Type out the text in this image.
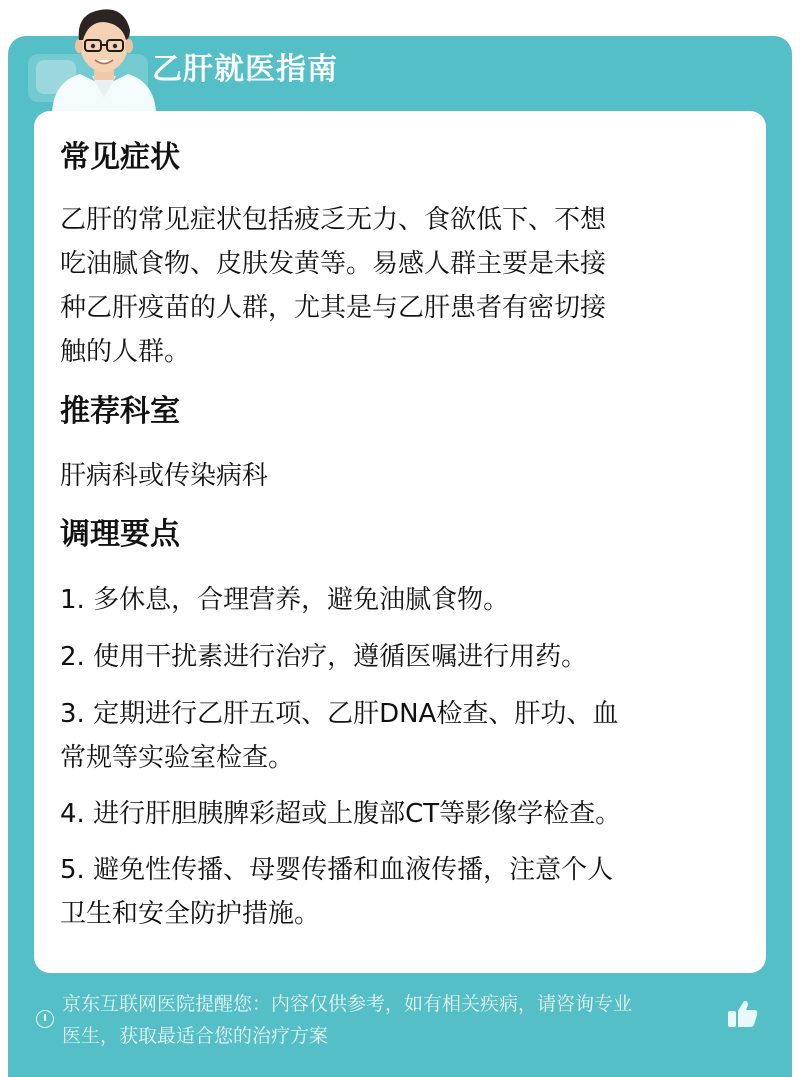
乙肝就医指南
常见症状
乙肝的常见症状包括疲乏无力、食欲低下、不想
吃油腻食物、皮肤发黄等。易感人群主要是未接
种乙肝疫苗的人群，尤其是与乙肝患者有密切接
触的人群。
推荐科室
肝病科或传染病科
调理要点
1. 多休息，合理营养，避免油腻食物。
2. 使用干扰素进行治疗，遵循医嘱进行用药。
3. 定期进行乙肝五项、乙肝DNA检查、肝功、血
常规等实验室检查。
4. 进行肝胆胰脾彩超或上腹部CT等影像学检查。
5. 避免性传播、母婴传播和血液传播，注意个人
卫生和安全防护措施。
京东互联网医院提醒您：内容仅供参考，如有相关疾病，请咨询专业
医生，获取最适合您的治疗方案
